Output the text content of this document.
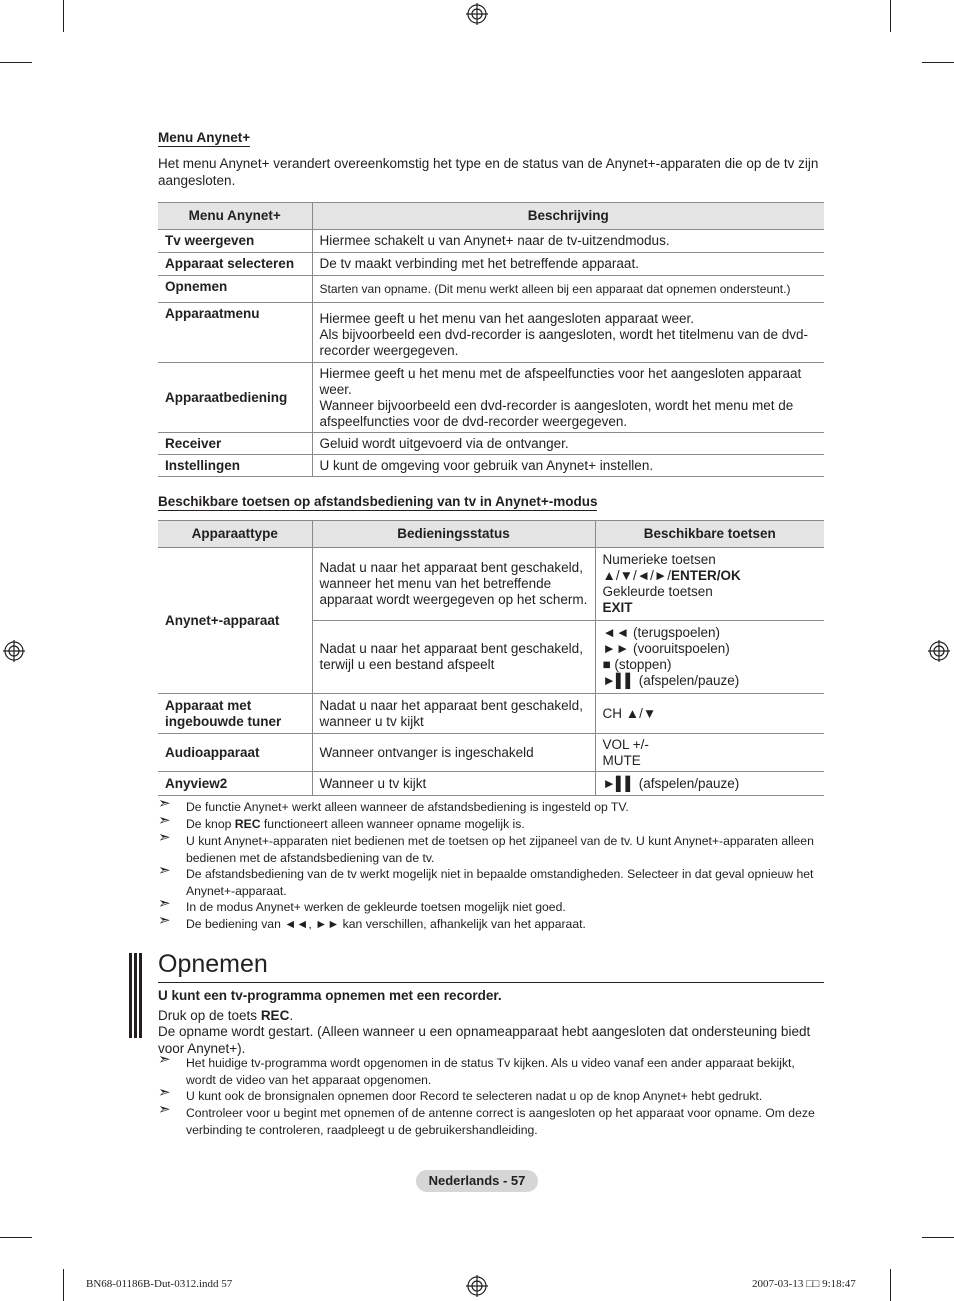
Menu Anynet+
Het menu Anynet+ verandert overeenkomstig het type en de status van de Anynet+-apparaten die op de tv zijn aangesloten.
Menu Anynet+	Beschrijving
Tv weergeven	Hiermee schakelt u van Anynet+ naar de tv-uitzendmodus.
Apparaat selecteren	De tv maakt verbinding met het betreffende apparaat.
Opnemen	Starten van opname. (Dit menu werkt alleen bij een apparaat dat opnemen ondersteunt.)
Apparaatmenu	Hiermee geeft u het menu van het aangesloten apparaat weer.
Als bijvoorbeeld een dvd-recorder is aangesloten, wordt het titelmenu van de dvd-recorder weergegeven.
Apparaatbediening	Hiermee geeft u het menu met de afspeelfuncties voor het aangesloten apparaat weer.
Wanneer bijvoorbeeld een dvd-recorder is aangesloten, wordt het menu met de afspeelfuncties voor de dvd-recorder weergegeven.
Receiver	Geluid wordt uitgevoerd via de ontvanger.
Instellingen	U kunt de omgeving voor gebruik van Anynet+ instellen.
Beschikbare toetsen op afstandsbediening van tv in Anynet+-modus
Apparaattype	Bedieningsstatus	Beschikbare toetsen
Anynet+-apparaat	Nadat u naar het apparaat bent geschakeld, wanneer het menu van het betreffende apparaat wordt weergegeven op het scherm.	Numerieke toetsen
▲/▼/◄/►/ENTER/OK
Gekleurde toetsen
EXIT

	Nadat u naar het apparaat bent geschakeld, terwijl u een bestand afspeelt	◄◄ (terugspoelen)
►► (vooruitspoelen)
■ (stoppen)
►▌▌ (afspelen/pauze)

Apparaat met ingebouwde tuner	Nadat u naar het apparaat bent geschakeld, wanneer u tv kijkt	CH ▲/▼
Audioapparaat	Wanneer ontvanger is ingeschakeld	VOL +/-
MUTE

Anyview2	Wanneer u tv kijkt	►▌▌ (afspelen/pauze)
➣ De functie Anynet+ werkt alleen wanneer de afstandsbediening is ingesteld op TV.
➣ De knop REC functioneert alleen wanneer opname mogelijk is.
➣ U kunt Anynet+-apparaten niet bedienen met de toetsen op het zijpaneel van de tv. U kunt Anynet+-apparaten alleen bedienen met de afstandsbediening van de tv.
➣ De afstandsbediening van de tv werkt mogelijk niet in bepaalde omstandigheden. Selecteer in dat geval opnieuw het Anynet+-apparaat.
➣ In de modus Anynet+ werken de gekleurde toetsen mogelijk niet goed.
➣ De bediening van ◄◄, ►► kan verschillen, afhankelijk van het apparaat.
Opnemen
U kunt een tv-programma opnemen met een recorder.
Druk op de toets REC.
De opname wordt gestart. (Alleen wanneer u een opnameapparaat hebt aangesloten dat ondersteuning biedt voor Anynet+).
➣ Het huidige tv-programma wordt opgenomen in de status Tv kijken. Als u video vanaf een ander apparaat bekijkt, wordt de video van het apparaat opgenomen.
➣ U kunt ook de bronsignalen opnemen door Record te selecteren nadat u op de knop Anynet+ hebt gedrukt.
➣ Controleer voor u begint met opnemen of de antenne correct is aangesloten op het apparaat voor opname. Om deze verbinding te controleren, raadpleegt u de gebruikershandleiding.
Nederlands - 57
BN68-01186B-Dut-0312.indd 57	2007-03-13 □□ 9:18:47
